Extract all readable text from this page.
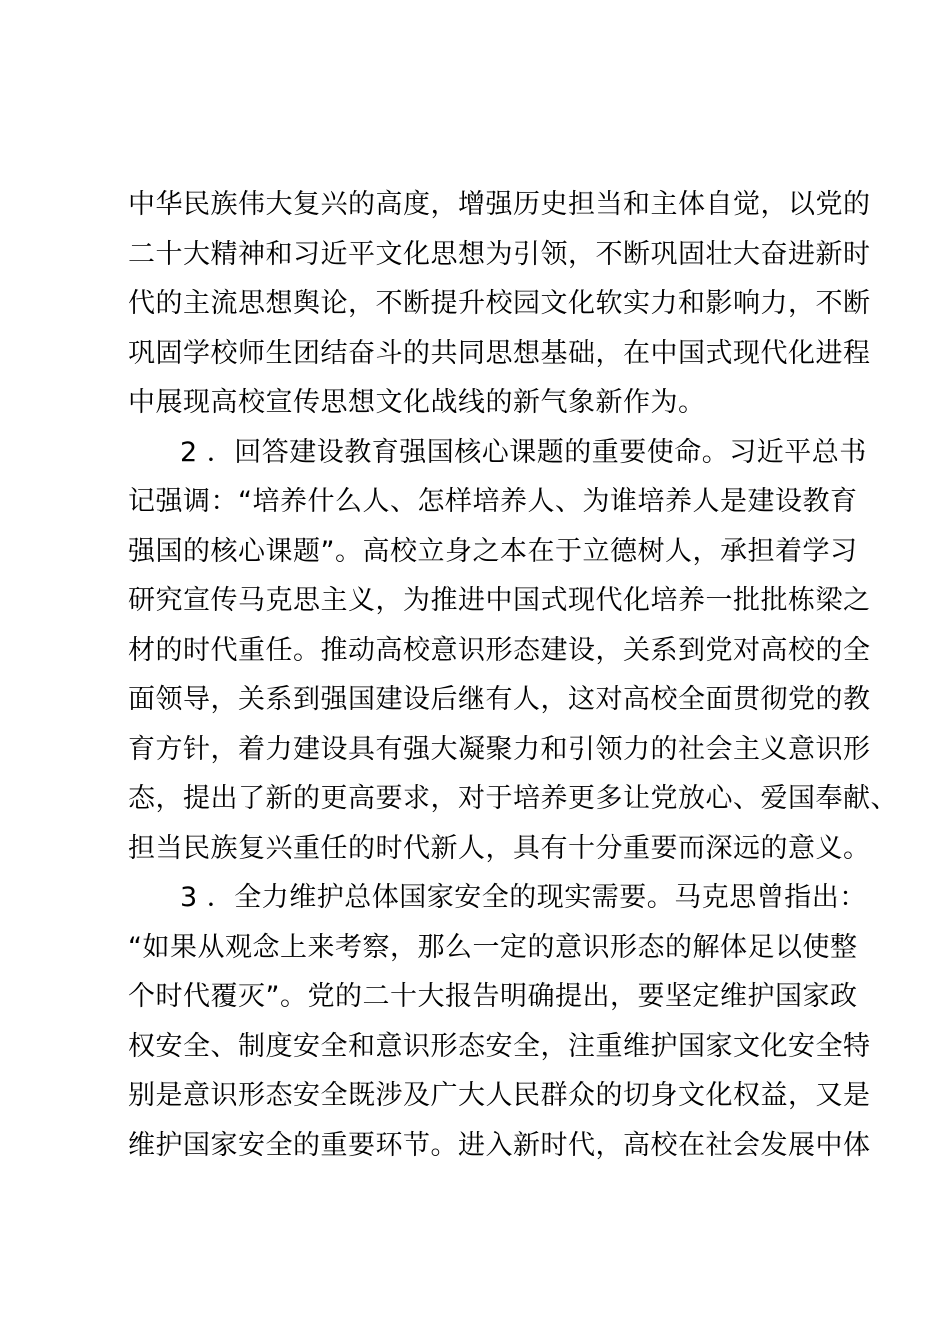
中华民族伟大复兴的高度，增强历史担当和主体自觉，以党的
二十大精神和习近平文化思想为引领，不断巩固壮大奋进新时
代的主流思想舆论，不断提升校园文化软实力和影响力，不断
巩固学校师生团结奋斗的共同思想基础，在中国式现代化进程
中展现高校宣传思想文化战线的新气象新作为。
2 ．回答建设教育强国核心课题的重要使命。习近平总书
记强调：“培养什么人、怎样培养人、为谁培养人是建设教育
强国的核心课题”。高校立身之本在于立德树人，承担着学习
研究宣传马克思主义，为推进中国式现代化培养一批批栋梁之
材的时代重任。推动高校意识形态建设，关系到党对高校的全
面领导，关系到强国建设后继有人，这对高校全面贯彻党的教
育方针，着力建设具有强大凝聚力和引领力的社会主义意识形
态，提出了新的更高要求，对于培养更多让党放心、爱国奉献、
担当民族复兴重任的时代新人，具有十分重要而深远的意义。
3 ．全力维护总体国家安全的现实需要。马克思曾指出：
“如果从观念上来考察，那么一定的意识形态的解体足以使整
个时代覆灭”。党的二十大报告明确提出，要坚定维护国家政
权安全、制度安全和意识形态安全，注重维护国家文化安全特
别是意识形态安全既涉及广大人民群众的切身文化权益，又是
维护国家安全的重要环节。进入新时代，高校在社会发展中体
